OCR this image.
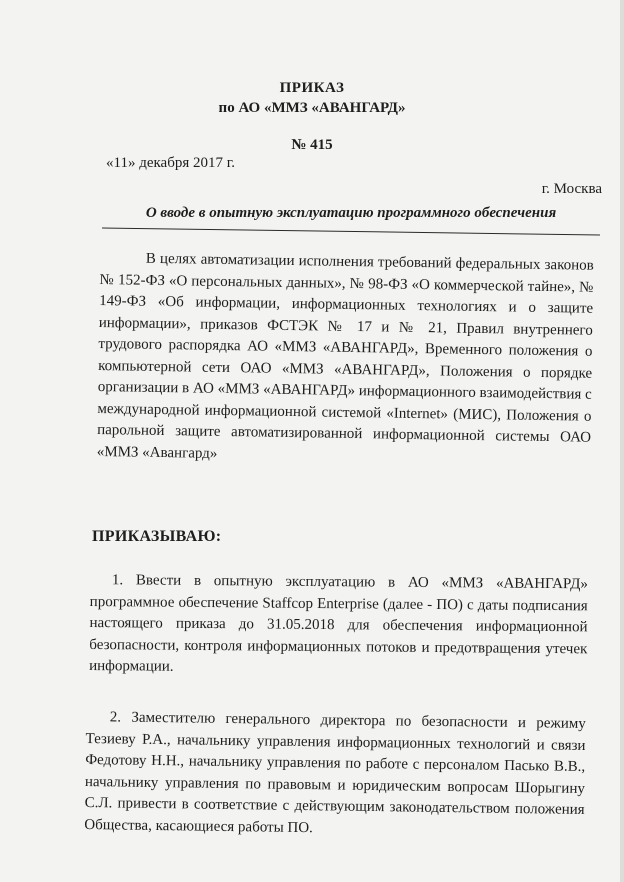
ПРИКАЗ
по АО «ММЗ «АВАНГАРД»
№ 415
«11» декабря 2017 г.
г. Москва
О вводе в опытную эксплуатацию программного обеспечения
В целях автоматизации исполнения требований федеральных законов № 152-ФЗ «О персональных данных», № 98-ФЗ «О коммерческой тайне», № 149-ФЗ «Об информации, информационных технологиях и о защите информации», приказов ФСТЭК № 17 и № 21, Правил внутреннего трудового распорядка АО «ММЗ «АВАНГАРД», Временного положения о компьютерной сети ОАО «ММЗ «АВАНГАРД», Положения о порядке организации в АО «ММЗ «АВАНГАРД» информационного взаимодействия с международной информационной системой «Internet» (МИС), Положения о парольной защите автоматизированной информационной системы ОАО «ММЗ «Авангард»
ПРИКАЗЫВАЮ:
1. Ввести в опытную эксплуатацию в АО «ММЗ «АВАНГАРД» программное обеспечение Staffcop Enterprise (далее - ПО) с даты подписания настоящего приказа до 31.05.2018 для обеспечения информационной безопасности, контроля информационных потоков и предотвращения утечек информации.
2. Заместителю генерального директора по безопасности и режиму Тезиеву Р.А., начальнику управления информационных технологий и связи Федотову Н.Н., начальнику управления по работе с персоналом Пасько В.В., начальнику управления по правовым и юридическим вопросам Шорыгину С.Л. привести в соответствие с действующим законодательством положения Общества, касающиеся работы ПО.
